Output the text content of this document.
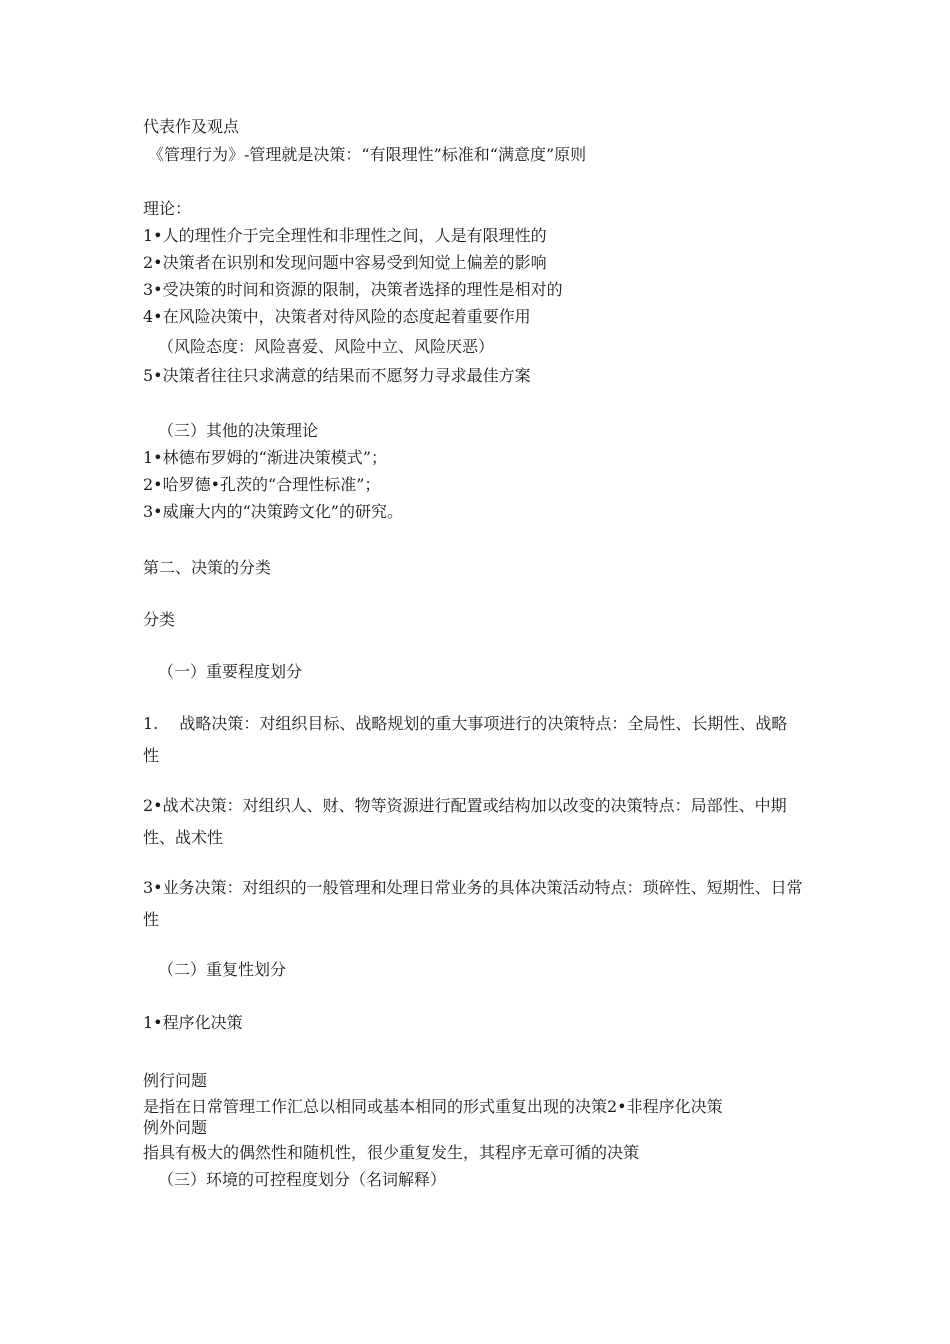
代表作及观点

《管理行为》-管理就是决策：“有限理性”标准和“满意度”原则

理论：

1•人的理性介于完全理性和非理性之间，人是有限理性的

2•决策者在识别和发现问题中容易受到知觉上偏差的影响

3•受决策的时间和资源的限制，决策者选择的理性是相对的

4•在风险决策中，决策者对待风险的态度起着重要作用

（风险态度：风险喜爱、风险中立、风险厌恶）

5•决策者往往只求满意的结果而不愿努力寻求最佳方案

（三）其他的决策理论

1•林德布罗姆的“渐进决策模式”；

2•哈罗德•孔茨的“合理性标准”；

3•威廉大内的“决策跨文化”的研究。

第二、决策的分类

分类

（一）重要程度划分

1.　 战略决策：对组织目标、战略规划的重大事项进行的决策特点：全局性、长期性、战略性

2•战术决策：对组织人、财、物等资源进行配置或结构加以改变的决策特点：局部性、中期性、战术性

3•业务决策：对组织的一般管理和处理日常业务的具体决策活动特点：琐碎性、短期性、日常性

（二）重复性划分

1•程序化决策

例行问题

是指在日常管理工作汇总以相同或基本相同的形式重复出现的决策2•非程序化决策

例外问题

指具有极大的偶然性和随机性，很少重复发生，其程序无章可循的决策

（三）环境的可控程度划分（名词解释）
